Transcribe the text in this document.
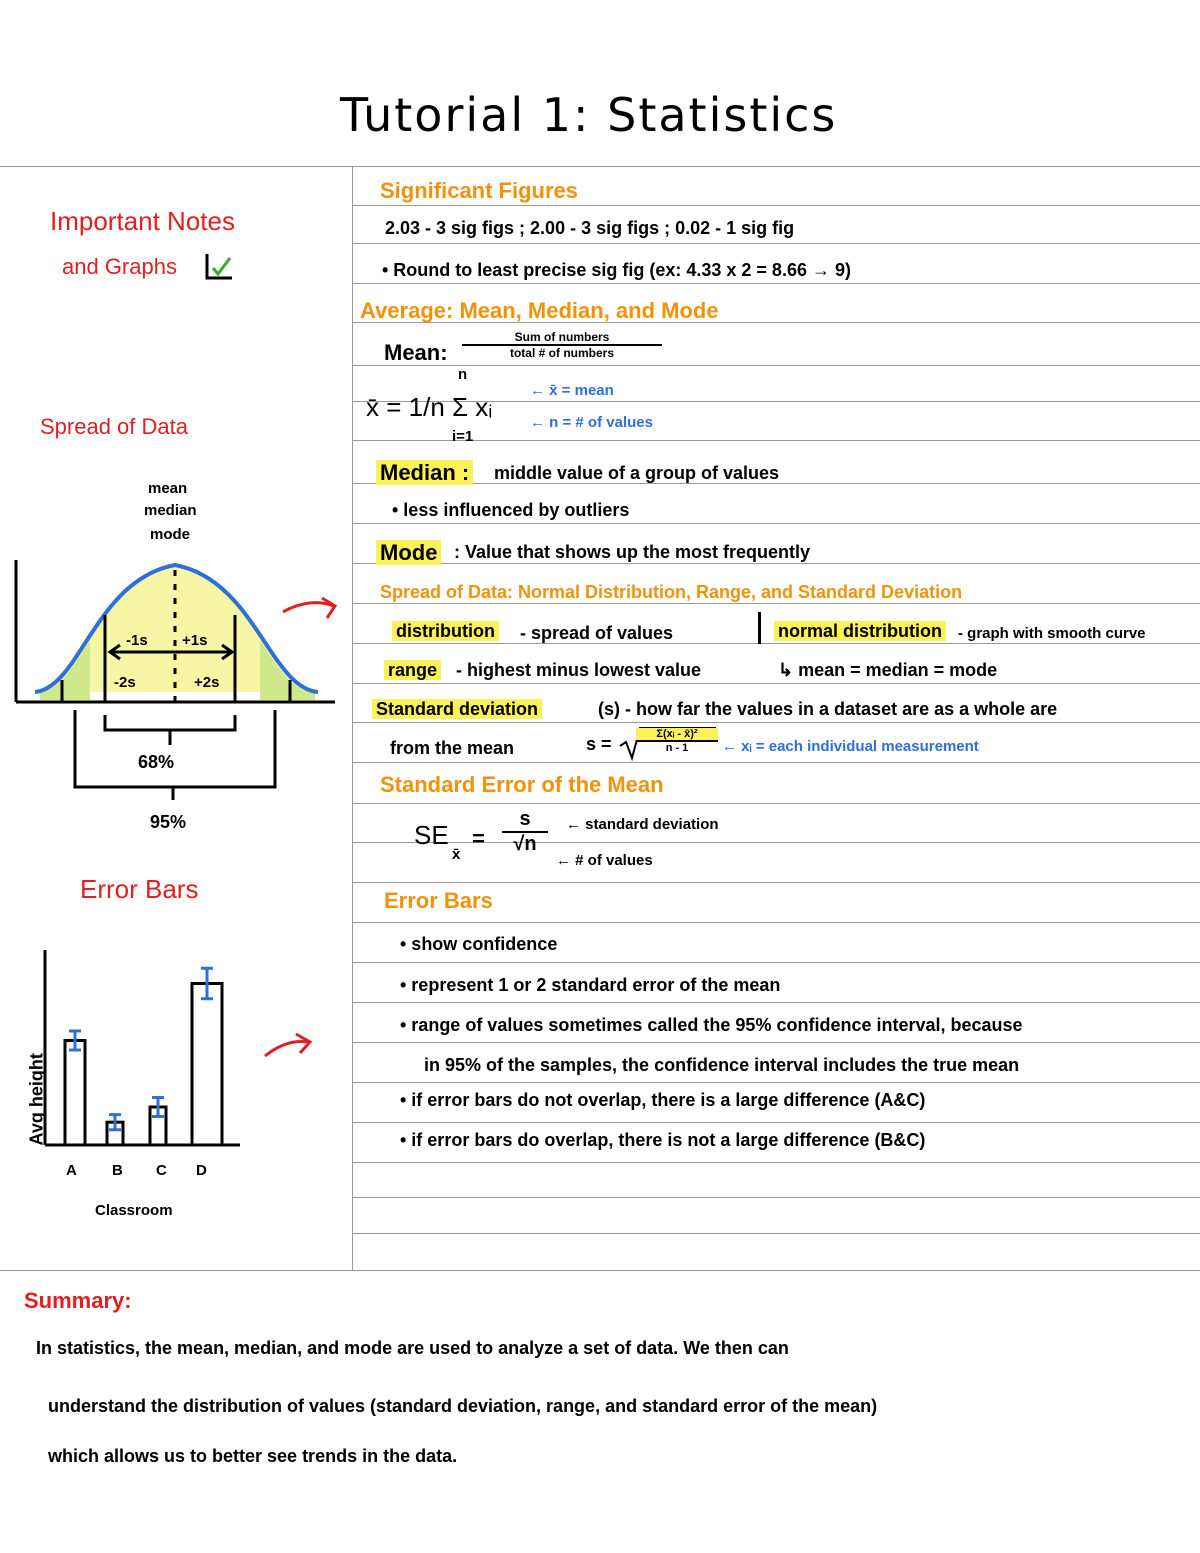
Tutorial 1: Statistics
Important Notes
and Graphs
Spread of Data
mean
median
mode
-1s +1s
-2s	+2s
68%
95%
Error Bars
Avg height
A B C D
Classroom
Significant Figures
2.03 - 3 sig figs ; 2.00 - 3 sig figs ; 0.02 - 1 sig fig
• Round to least precise sig fig (ex: 4.33 x 2 = 8.66 → 9)
Average: Mean, Median, and Mode
Mean:
Sum of numbers
total # of numbers
n
x̄ = 1/n Σ xᵢ
i=1
← x̄ = mean
← n = # of values
Median : middle value of a group of values
• less influenced by outliers
Mode : Value that shows up the most frequently
Spread of Data: Normal Distribution, Range, and Standard Deviation
distribution - spread of values	normal distribution - graph with smooth curve
range - highest minus lowest value	↳ mean = median = mode
Standard deviation	(s) - how far the values in a dataset are as a whole are
from the mean	$s = \frac{\text{Σ(xᵢ - x̄)²}}{n - 1}$ ← xᵢ = each individual measurement
Standard Error of the Mean
SE
x̄
= $\frac{s}{√n}$ ← standard deviation
← # of values
Error Bars
• show confidence
• represent 1 or 2 standard error of the mean
• range of values sometimes called the 95% confidence interval, because
in 95% of the samples, the confidence interval includes the true mean
• if error bars do not overlap, there is a large difference (A&C)
• if error bars do overlap, there is not a large difference (B&C)
Summary:
In statistics, the mean, median, and mode are used to analyze a set of data. We then can
understand the distribution of values (standard deviation, range, and standard error of the mean)
which allows us to better see trends in the data.
